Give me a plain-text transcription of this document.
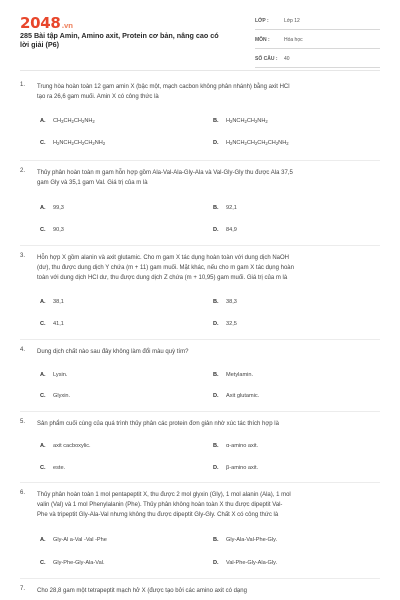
2048.vn
285 Bài tập Amin, Amino axit, Protein cơ bản, nâng cao có
lời giải (P6)
LỚP :	Lớp 12
MÔN :	Hóa học
SỐ CÂU : 40
1. Trung hòa hoàn toàn 12 gam amin X (bậc một, mạch cacbon không phân nhánh) bằng axit HCl
tạo ra 26,6 gam muối. Amin X có công thức là
A. $CH_3CH_2CH_2NH_2$	B. $H_2NCH_2CH_2NH_2$
C. $H_2NCH_2CH_2CH_2NH_2$	D. $H_2NCH_2CH_2CH_2CH_2NH_2$
2. Thủy phân hoàn toàn m gam hỗn hợp gồm Ala-Val-Ala-Gly-Ala và Val-Gly-Gly thu được Ala 37,5
gam Gly và 35,1 gam Val. Giá trị của m là
A. 99,3	B. 92,1
C. 90,3	D. 84,9
3. Hỗn hợp X gồm alanin và axit glutamic. Cho m gam X tác dụng hoàn toàn với dung dịch NaOH
(dư), thu được dung dịch Y chứa (m + 11) gam muối. Mặt khác, nếu cho m gam X tác dụng hoàn
toàn với dung dịch HCl dư, thu được dung dịch Z chứa (m + 10,95) gam muối. Giá trị của m là
A. 38,1	B. 38,3
C. 41,1	D. 32,5
4. Dung dịch chất nào sau đây không làm đổi màu quỳ tím?
A. Lysin.	B. Metylamin.
C. Glyxin.	D. Axit glutamic.
5. Sản phẩm cuối cùng của quá trình thủy phân các protein đơn giản nhờ xúc tác thích hợp là
A. axit cacboxylic.	B. α-amino axit.
C. este.	D. β-amino axit.
6. Thủy phân hoàn toàn 1 mol pentapeptit X, thu được 2 mol glyxin (Gly), 1 mol alanin (Ala), 1 mol
valin (Val) và 1 mol Phenylalanin (Phe). Thủy phân không hoàn toàn X thu được dipeptit Val-
Phe và tripeptit Gly-Ala-Val nhưng không thu được dipeptit Gly-Gly. Chất X có công thức là
A. Gly-Al a-Val -Val -Phe	B. Gly-Ala-Val-Phe-Gly.
C. Gly-Phe-Gly-Ala-Val.	D. Val-Phe-Gly-Ala-Gly.
7. Cho 28,8 gam một tetrapeptit mạch hở X (được tạo bởi các amino axit có dạng
